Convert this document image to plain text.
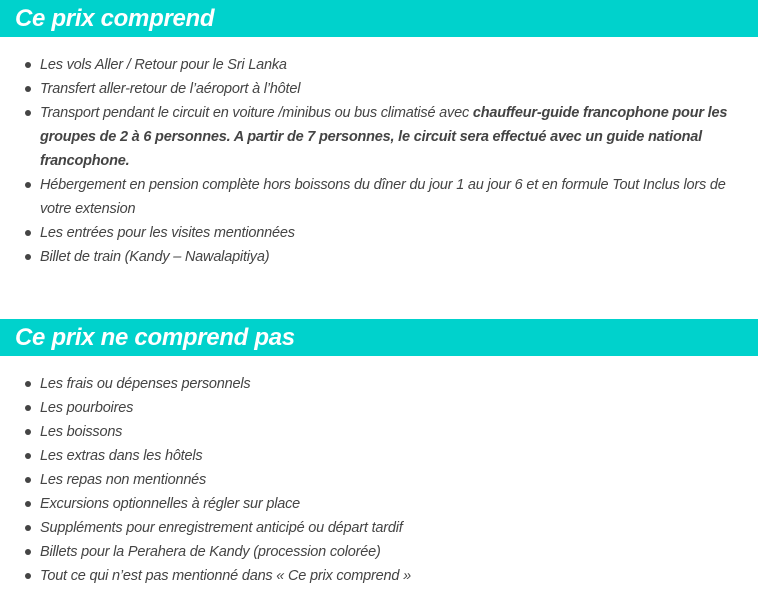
Ce prix comprend
Les vols Aller / Retour pour le Sri Lanka
Transfert aller-retour de l’aéroport à l’hôtel
Transport pendant le circuit en voiture /minibus ou bus climatisé avec chauffeur-guide francophone pour les groupes de 2 à 6 personnes. A partir de 7 personnes, le circuit sera effectué avec un guide national francophone.
Hébergement en pension complète hors boissons du dîner du jour 1 au jour 6 et en formule Tout Inclus lors de votre extension
Les entrées pour les visites mentionnées
Billet de train (Kandy – Nawalapitiya)
Ce prix ne comprend pas
Les frais ou dépenses personnels
Les pourboires
Les boissons
Les extras dans les hôtels
Les repas non mentionnés
Excursions optionnelles à régler sur place
Suppléments pour enregistrement anticipé ou départ tardif
Billets pour la Perahera de Kandy (procession colorée)
Tout ce qui n’est pas mentionné dans « Ce prix comprend »
